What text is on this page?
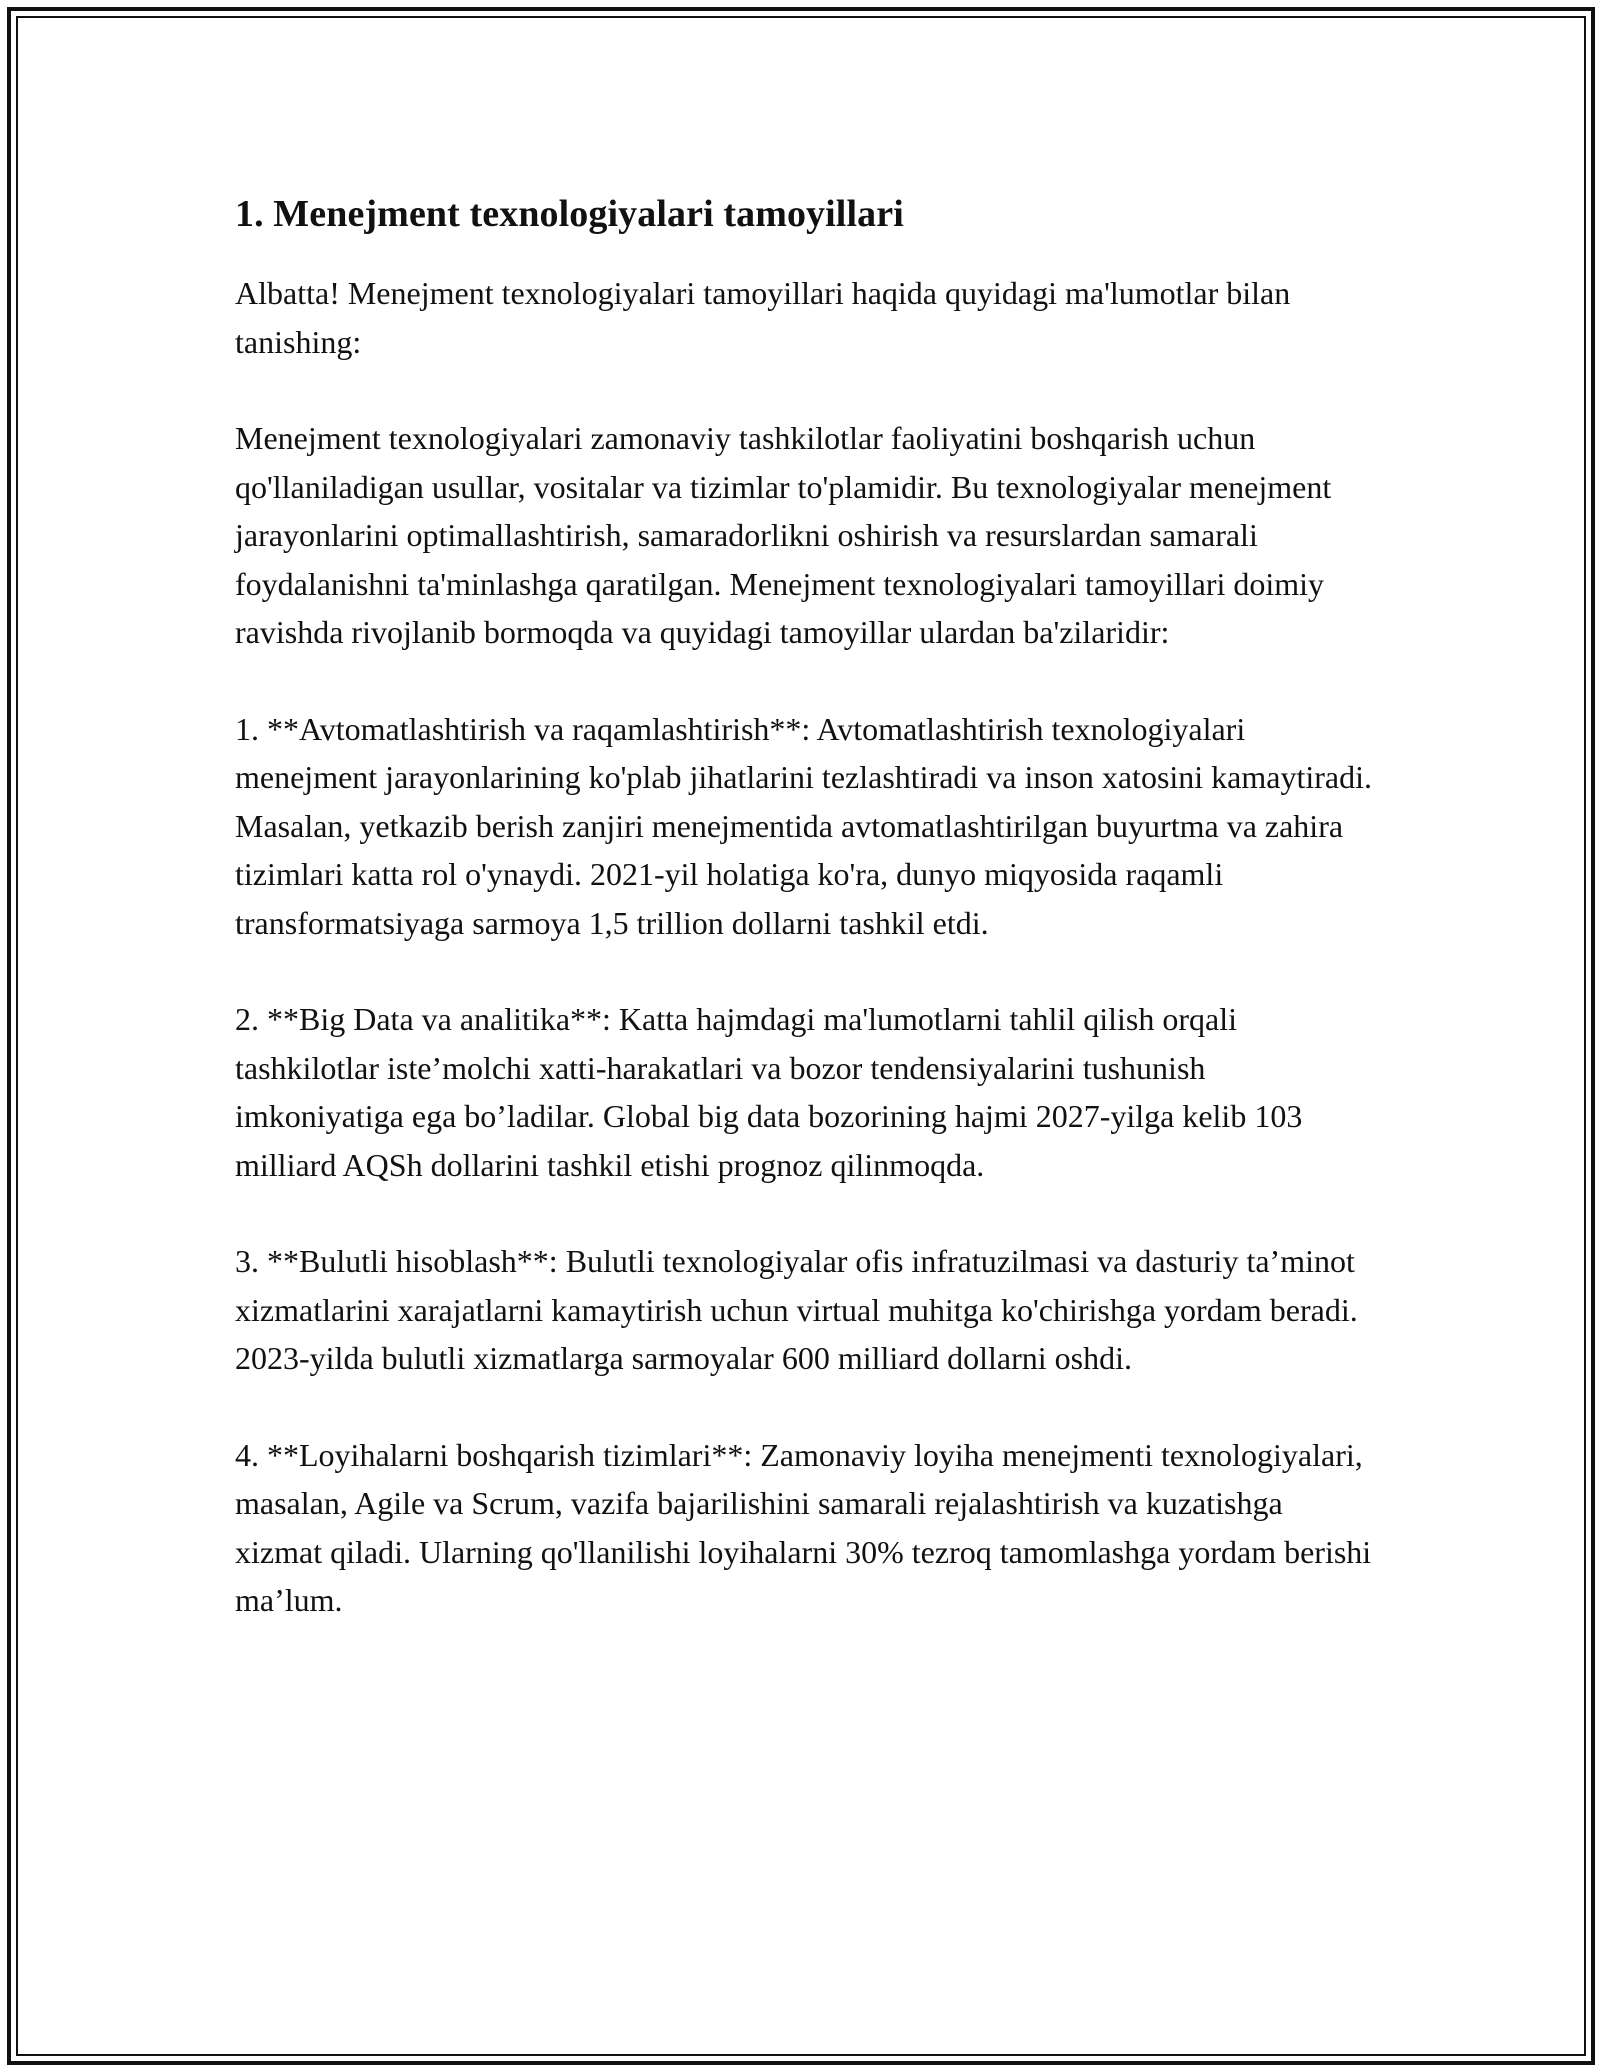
1. Menejment texnologiyalari tamoyillari

Albatta! Menejment texnologiyalari tamoyillari haqida quyidagi ma'lumotlar bilan tanishing:

Menejment texnologiyalari zamonaviy tashkilotlar faoliyatini boshqarish uchun qo'llaniladigan usullar, vositalar va tizimlar to'plamidir. Bu texnologiyalar menejment jarayonlarini optimallashtirish, samaradorlikni oshirish va resurslardan samarali foydalanishni ta'minlashga qaratilgan. Menejment texnologiyalari tamoyillari doimiy ravishda rivojlanib bormoqda va quyidagi tamoyillar ulardan ba'zilaridir:

1. **Avtomatlashtirish va raqamlashtirish**: Avtomatlashtirish texnologiyalari menejment jarayonlarining ko'plab jihatlarini tezlashtiradi va inson xatosini kamaytiradi. Masalan, yetkazib berish zanjiri menejmentida avtomatlashtirilgan buyurtma va zahira tizimlari katta rol o'ynaydi. 2021-yil holatiga ko'ra, dunyo miqyosida raqamli transformatsiyaga sarmoya 1,5 trillion dollarni tashkil etdi.

2. **Big Data va analitika**: Katta hajmdagi ma'lumotlarni tahlil qilish orqali tashkilotlar iste’molchi xatti-harakatlari va bozor tendensiyalarini tushunish imkoniyatiga ega bo’ladilar. Global big data bozorining hajmi 2027-yilga kelib 103 milliard AQSh dollarini tashkil etishi prognoz qilinmoqda.

3. **Bulutli hisoblash**: Bulutli texnologiyalar ofis infratuzilmasi va dasturiy ta’minot xizmatlarini xarajatlarni kamaytirish uchun virtual muhitga ko'chirishga yordam beradi. 2023-yilda bulutli xizmatlarga sarmoyalar 600 milliard dollarni oshdi.

4. **Loyihalarni boshqarish tizimlari**: Zamonaviy loyiha menejmenti texnologiyalari, masalan, Agile va Scrum, vazifa bajarilishini samarali rejalashtirish va kuzatishga xizmat qiladi. Ularning qo'llanilishi loyihalarni 30% tezroq tamomlashga yordam berishi ma’lum.
